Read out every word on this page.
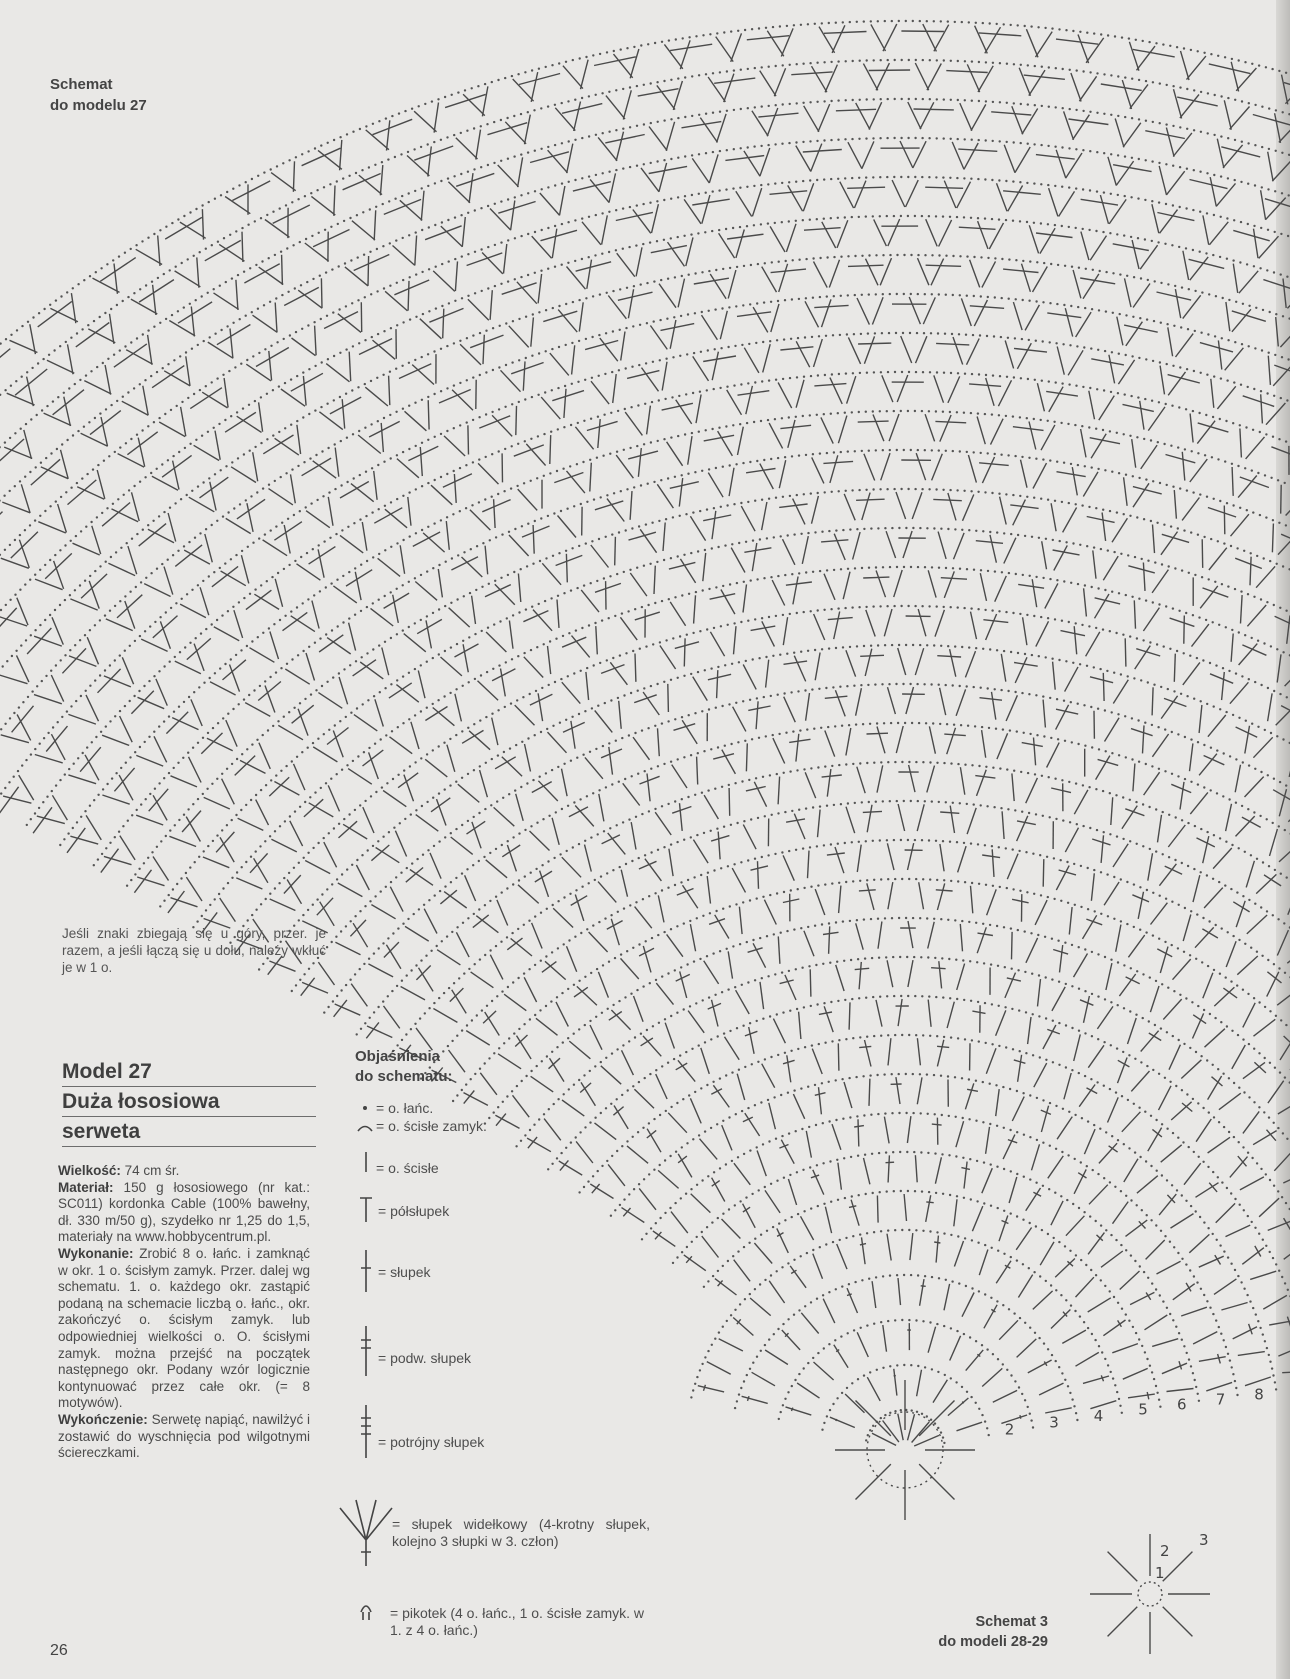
2 3 4 5 6 7 8
1
2
3
Schemat
do modelu 27
Jeśli znaki zbiegają się u góry, przer. je razem, a jeśli łączą się u dołu, należy wkłuć je w 1 o.
Model 27
Duża łososiowa
serweta
Wielkość: 74 cm śr.
Materiał: 150 g łososiowego (nr kat.: SC011) kordonka Cable (100% bawełny, dł. 330 m/50 g), szydełko nr 1,25 do 1,5, materiały na www.hobbycentrum.pl.
Wykonanie: Zrobić 8 o. łańc. i zamknąć w okr. 1 o. ścisłym zamyk. Przer. dalej wg schematu. 1. o. każdego okr. zastąpić podaną na schemacie liczbą o. łańc., okr. zakończyć o. ścisłym zamyk. lub odpowiedniej wielkości o. O. ścisłymi zamyk. można przejść na początek następnego okr. Podany wzór logicznie kontynuować przez całe okr. (= 8 motywów).
Wykończenie: Serwetę napiąć, nawilżyć i zostawić do wyschnięcia pod wilgotnymi ściereczkami.
Objaśnienia
do schematu:
= o. łańc.
= o. ścisłe zamyk.
= o. ścisłe
= półsłupek
= słupek
= podw. słupek
= potrójny słupek
= słupek widełkowy (4-krotny słupek, kolejno 3 słupki w 3. człon)
= pikotek (4 o. łańc., 1 o. ścisłe zamyk. w 1. z 4 o. łańc.)
26
Schemat 3
do modeli 28-29
